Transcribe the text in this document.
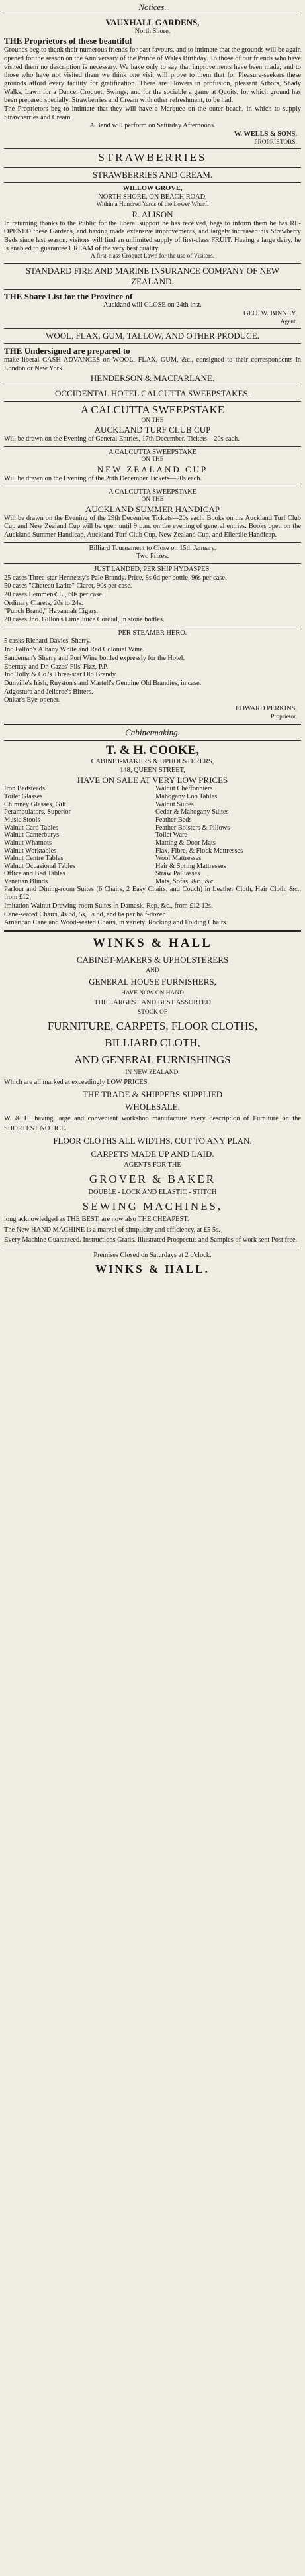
Notices.
VAUXHALL GARDENS,
North Shore.
THE Proprietors of these beautiful

Grounds beg to thank their numerous friends for past favours, and to intimate that the grounds will be again opened for the season on the Anniversary of the Prince of Wales Birthday. To those of our friends who have visited them no description is necessary. We have only to say that improvements have been made; and to those who have not visited them we think one visit will prove to them that for Pleasure-seekers these grounds afford every facility for gratification. There are Flowers in profusion, pleasant Arbors, Shady Walks, Lawn for a Dance, Croquet, Swings; and for the sociable a game at Quoits, for which ground has been prepared specially. Strawberries and Cream with other refreshment, to be had.

The Proprietors beg to intimate that they will have a Marquee on the outer beach, in which to supply Strawberries and Cream.

A Band will perform on Saturday Afternoons.
W. WELLS & SONS,
PROPRIETORS.
STRAWBERRIES
STRAWBERRIES AND CREAM.
WILLOW GROVE,
NORTH SHORE, ON BEACH ROAD,
Within a Hundred Yards of the Lower Wharf.
R. ALISON

In returning thanks to the Public for the liberal support he has received, begs to inform them he has RE-OPENED these Gardens, and having made extensive improvements, and largely increased his Strawberry Beds since last season, visitors will find an unlimited supply of first-class FRUIT. Having a large dairy, he is enabled to guarantee CREAM of the very best quality.

A first-class Croquet Lawn for the use of Visitors.
STANDARD FIRE AND MARINE INSURANCE COMPANY OF NEW ZEALAND.
THE Share List for the Province of
Auckland will CLOSE on 24th inst.
GEO. W. BINNEY,
Agent.
WOOL, FLAX, GUM, TALLOW, AND OTHER PRODUCE.
THE Undersigned are prepared to

make liberal CASH ADVANCES on WOOL, FLAX, GUM, &c., consigned to their correspondents in London or New York.

HENDERSON & MACFARLANE.
OCCIDENTAL HOTEL CALCUTTA SWEEPSTAKES.
A CALCUTTA SWEEPSTAKE
ON THE
AUCKLAND TURF CLUB CUP

Will be drawn on the Evening of General Entries, 17th December. Tickets—20s each.

A CALCUTTA SWEEPSTAKE
ON THE
NEW ZEALAND CUP

Will be drawn on the Evening of the 26th December Tickets—20s each.

A CALCUTTA SWEEPSTAKE
ON THE
AUCKLAND SUMMER HANDICAP

Will be drawn on the Evening of the 29th December Tickets—20s each. Books on the Auckland Turf Club Cup and New Zealand Cup will be open until 9 p.m. on the evening of general entries. Books open on the Auckland Summer Handicap, Auckland Turf Club Cup, New Zealand Cup, and Ellerslie Handicap.

Billiard Tournament to Close on 15th January.
Two Prizes.
JUST LANDED, PER SHIP HYDASPES.

25 cases Three-star Hennessy's Pale Brandy. Price, 8s 6d per bottle, 96s per case.

50 cases "Chateau Latite" Claret, 90s per case.

20 cases Lemmens' L., 60s per case.

Ordinary Clarets, 20s to 24s.

"Punch Brand," Havannah Cigars.

20 cases Jno. Gillon's Lime Juice Cordial, in stone bottles.

PER STEAMER HERO.

5 casks Richard Davies' Sherry.

Jno Fallon's Albany White and Red Colonial Wine.

Sandeman's Sherry and Port Wine bottled expressly for the Hotel.

Epernay and Dr. Cazes' Fils' Fizz, P.P.

Jno Tolly & Co.'s Three-star Old Brandy.

Dunville's Irish, Ruyston's and Martell's Genuine Old Brandies, in case.

Adgostura and Jelleroe's Bitters.

Onkar's Eye-opener.

EDWARD PERKINS,
Proprietor.
Cabinetmaking.
T. & H. COOKE,
CABINET-MAKERS & UPHOLSTERERS,
148, QUEEN STREET,
HAVE ON SALE AT VERY LOW PRICES
Iron Bedsteads
Toilet Glasses
Chimney Glasses, Gilt
Perambulators, Superior
Music Stools
Walnut Card Tables
Walnut Canterburys
Walnut Whatnots
Walnut Worktables
Walnut Centre Tables
Walnut Occasional Tables
Office and Bed Tables
Venetian Blinds
Walnut Cheffonniers
Mahogany Loo Tables
Walnut Suites
Cedar & Mahogany Suites
Feather Beds
Feather Bolsters & Pillows
Toilet Ware
Matting & Door Mats
Flax, Fibre, & Flock Mattresses
Wool Mattresses
Hair & Spring Mattresses
Straw Palliasses
Mats, Sofas, &c., &c.

Parlour and Dining-room Suites (6 Chairs, 2 Easy Chairs, and Couch) in Leather Cloth, Hair Cloth, &c., from £12.

Imitation Walnut Drawing-room Suites in Damask, Rep, &c., from £12 12s.

Cane-seated Chairs, 4s 6d, 5s, 5s 6d, and 6s per half-dozen.

American Cane and Wood-seated Chairs, in variety. Rocking and Folding Chairs.

WINKS & HALL
CABINET-MAKERS & UPHOLSTERERS
AND
GENERAL HOUSE FURNISHERS,
HAVE NOW ON HAND
THE LARGEST AND BEST ASSORTED
STOCK OF
FURNITURE, CARPETS, FLOOR CLOTHS,
BILLIARD CLOTH,
AND GENERAL FURNISHINGS
IN NEW ZEALAND,

Which are all marked at exceedingly LOW PRICES.

THE TRADE & SHIPPERS SUPPLIED
WHOLESALE.

W. & H. having large and convenient workshop manufacture every description of Furniture on the SHORTEST NOTICE.

FLOOR CLOTHS ALL WIDTHS, CUT TO ANY PLAN.
CARPETS MADE UP AND LAID.
AGENTS FOR THE
GROVER & BAKER
DOUBLE - LOCK AND ELASTIC - STITCH
SEWING MACHINES,

long acknowledged as THE BEST, are now also THE CHEAPEST.

The New HAND MACHINE is a marvel of simplicity and efficiency, at £5 5s.

Every Machine Guaranteed. Instructions Gratis. Illustrated Prospectus and Samples of work sent Post free.

Premises Closed on Saturdays at 2 o'clock.
WINKS & HALL.
